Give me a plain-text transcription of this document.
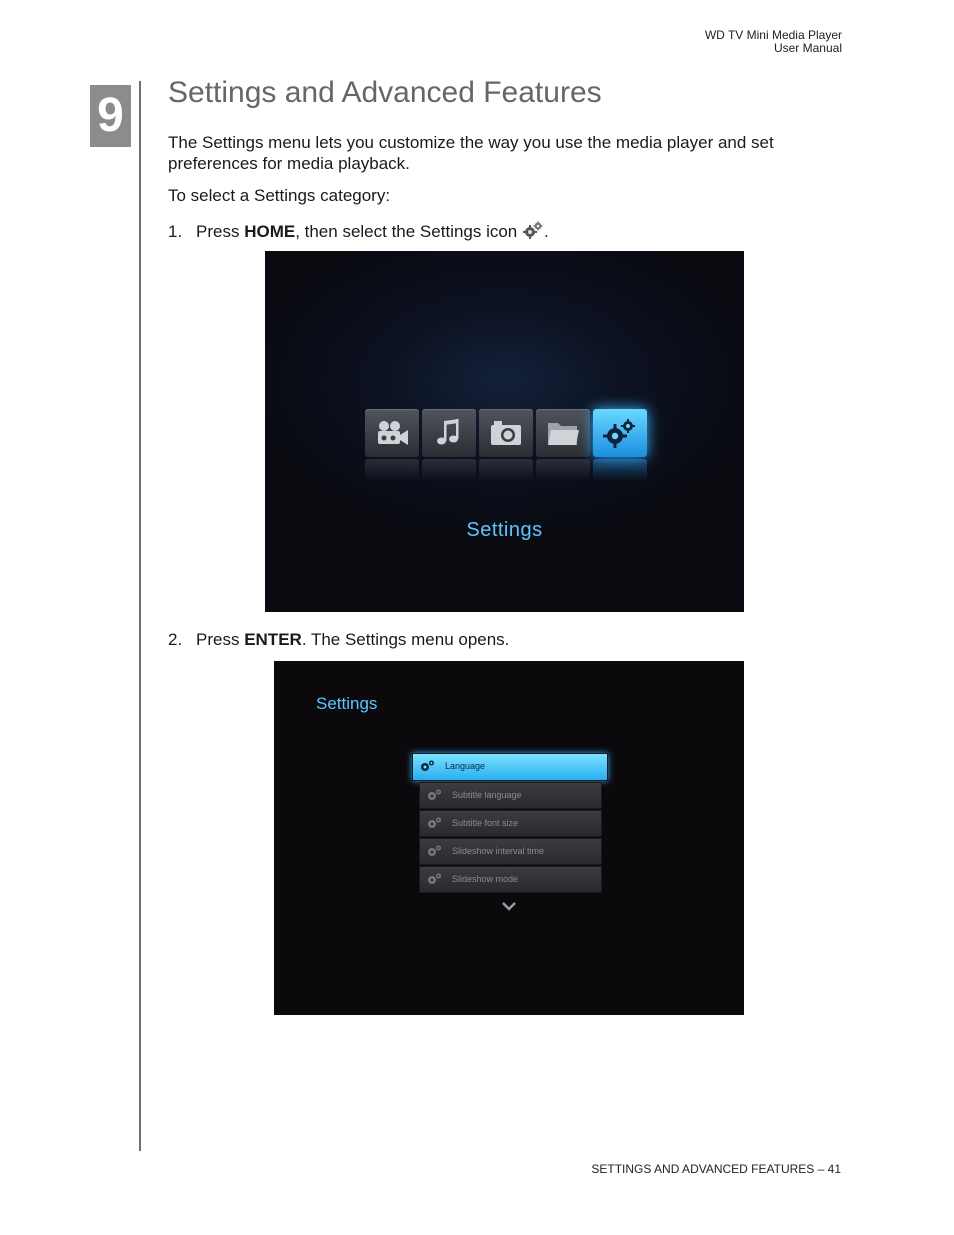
WD TV Mini Media Player
User Manual
9 Settings and Advanced Features

The Settings menu lets you customize the way you use the media player and set preferences for media playback.

To select a Settings category:

1. Press HOME, then select the Settings icon .
Settings
2. Press ENTER. The Settings menu opens.
Settings
Language
Subtitle language
Subtitle font size
Slideshow interval time
Slideshow mode
SETTINGS AND ADVANCED FEATURES – 41
